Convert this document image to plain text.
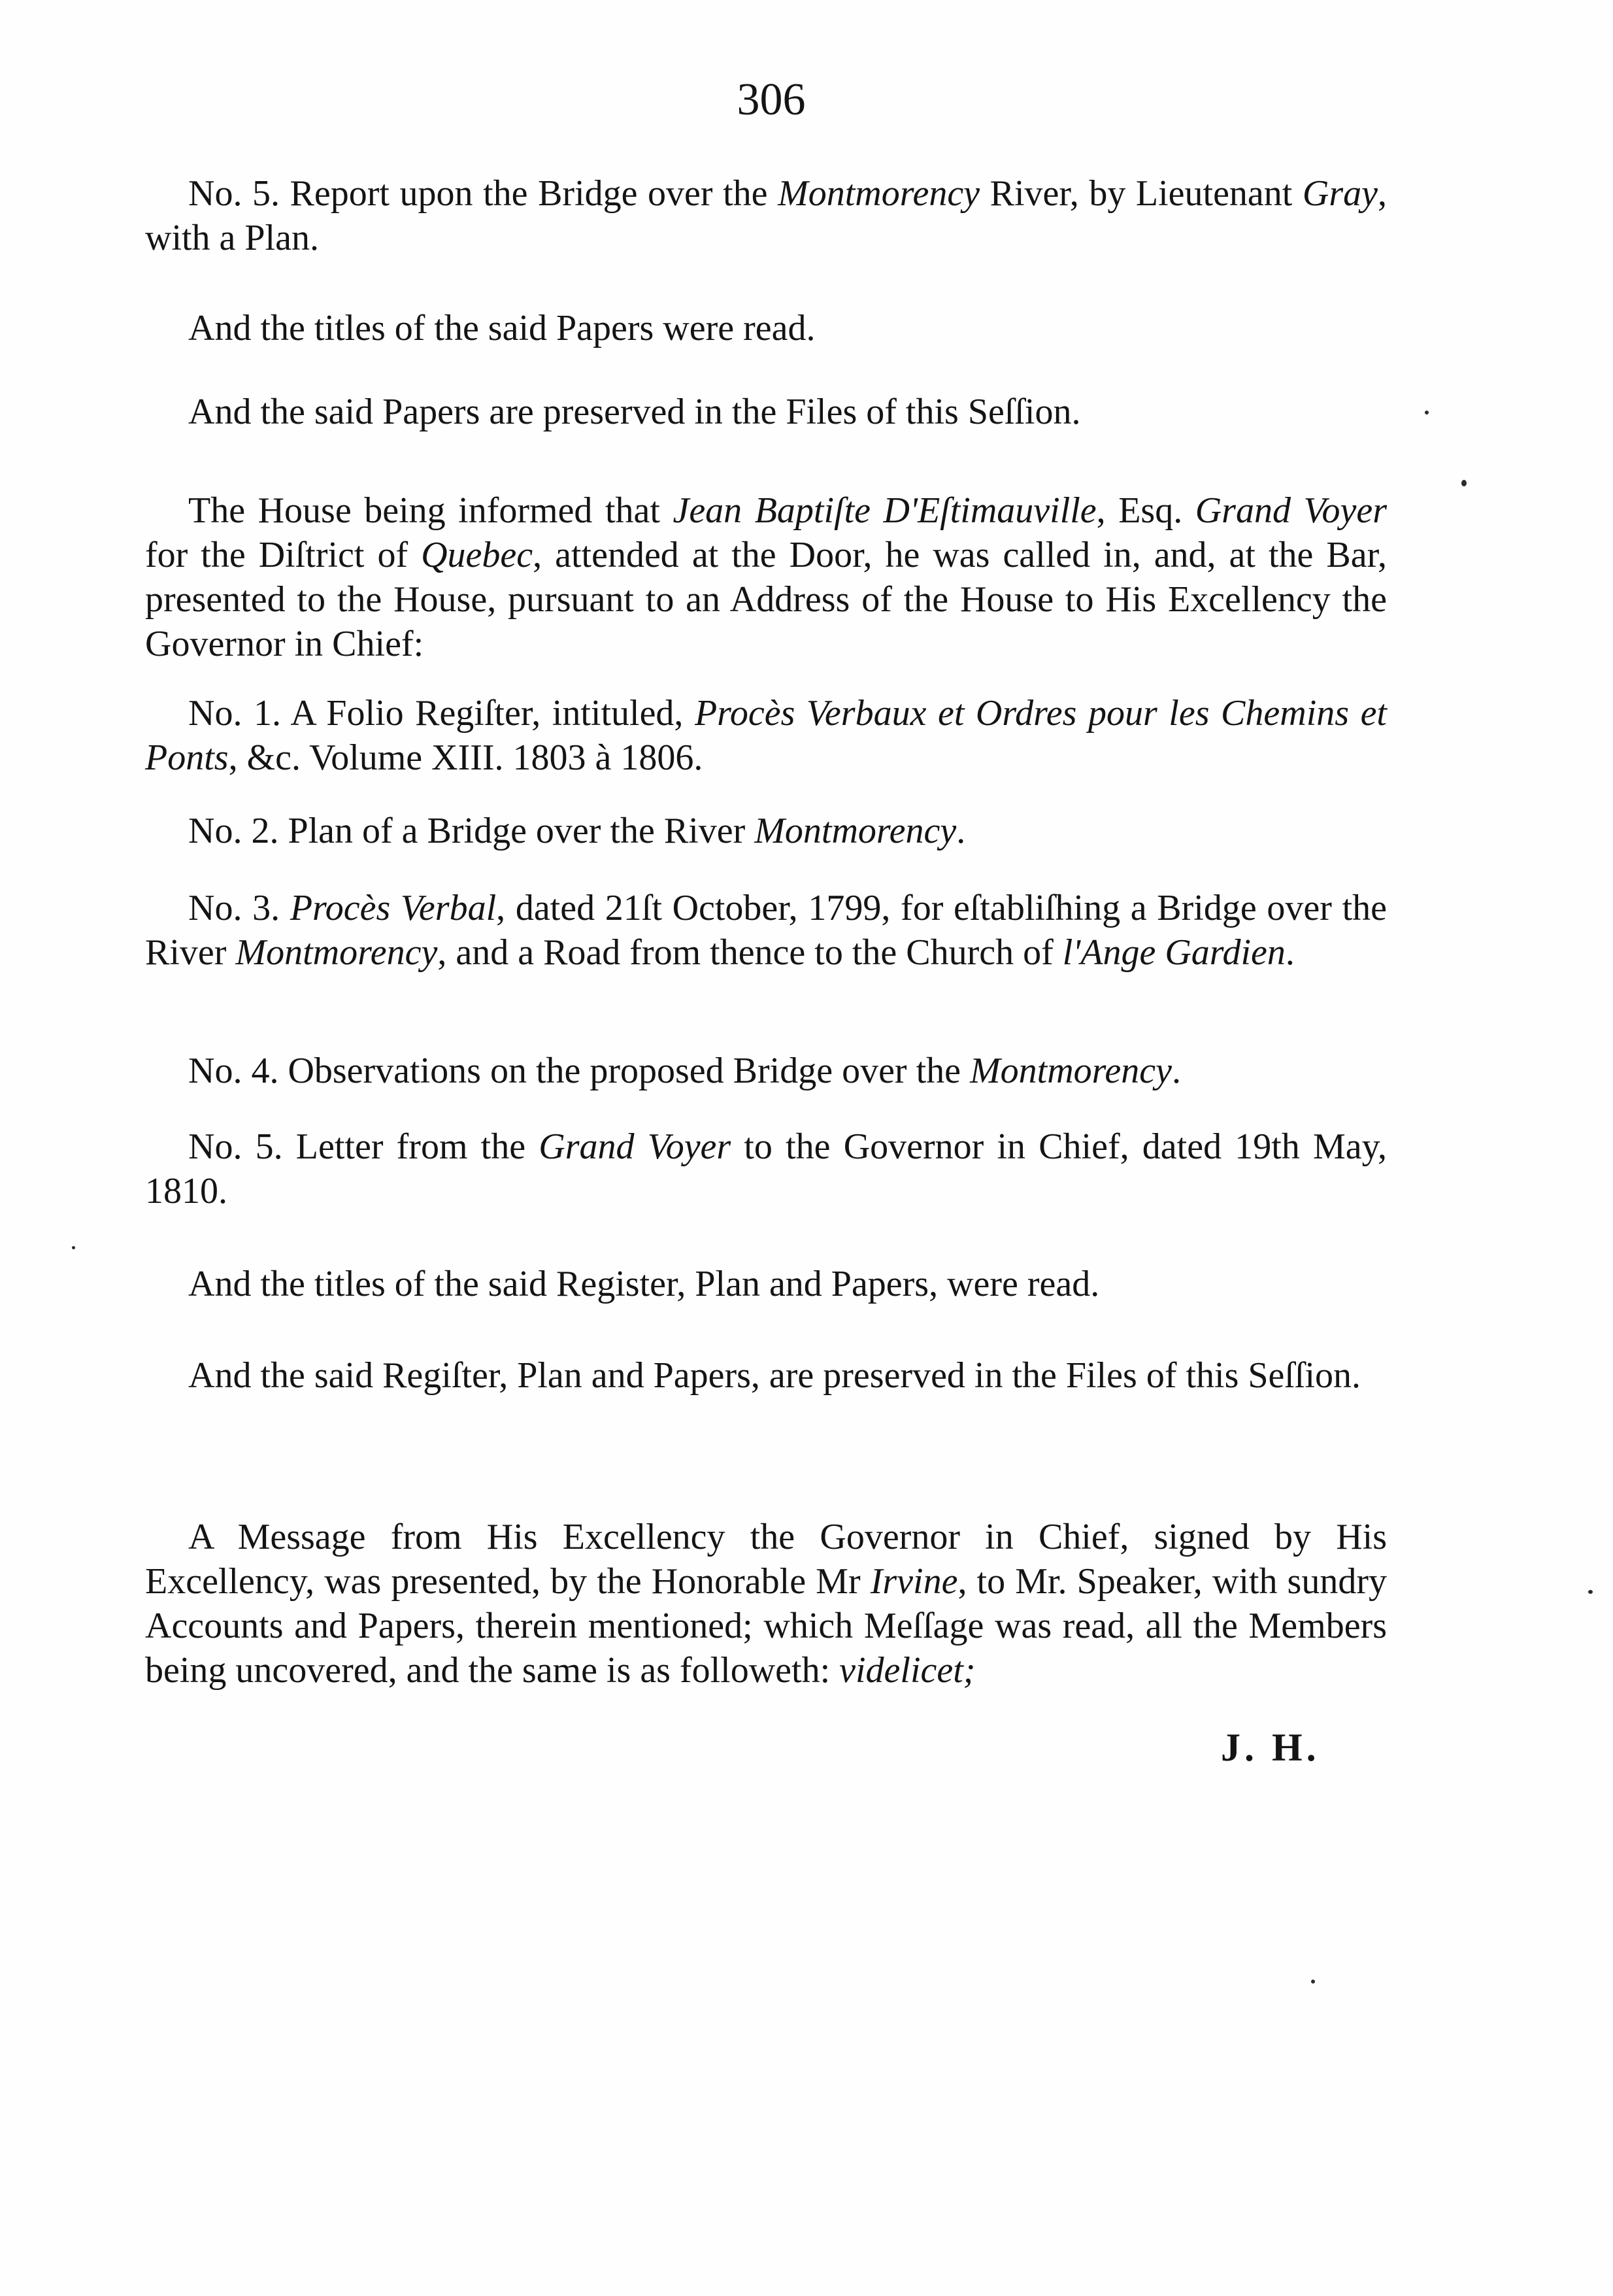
306

No. 5. Report upon the Bridge over the Montmorency River, by Lieutenant Gray, with a Plan.

And the titles of the said Papers were read.

And the said Papers are preserved in the Files of this Seſſion.

The House being informed that Jean Baptiſte D'Eſtimauville, Esq. Grand Voyer for the Diſtrict of Quebec, attended at the Door, he was called in, and, at the Bar, presented to the House, pursuant to an Address of the House to His Excellency the Governor in Chief:

No. 1. A Folio Regiſter, intituled, Procès Verbaux et Ordres pour les Chemins et Ponts, &c. Volume XIII. 1803 à 1806.

No. 2. Plan of a Bridge over the River Montmorency.

No. 3. Procès Verbal, dated 21ſt October, 1799, for eſtabliſhing a Bridge over the River Montmorency, and a Road from thence to the Church of l'Ange Gardien.

No. 4. Observations on the proposed Bridge over the Montmorency.

No. 5. Letter from the Grand Voyer to the Governor in Chief, dated 19th May, 1810.

And the titles of the said Register, Plan and Papers, were read.

And the said Regiſter, Plan and Papers, are preserved in the Files of this Seſſion.

A Message from His Excellency the Governor in Chief, signed by His Excellency, was presented, by the Honorable Mr Irvine, to Mr. Speaker, with sundry Accounts and Papers, therein mentioned; which Meſſage was read, all the Members being uncovered, and the same is as followeth: videlicet;

J. H.
